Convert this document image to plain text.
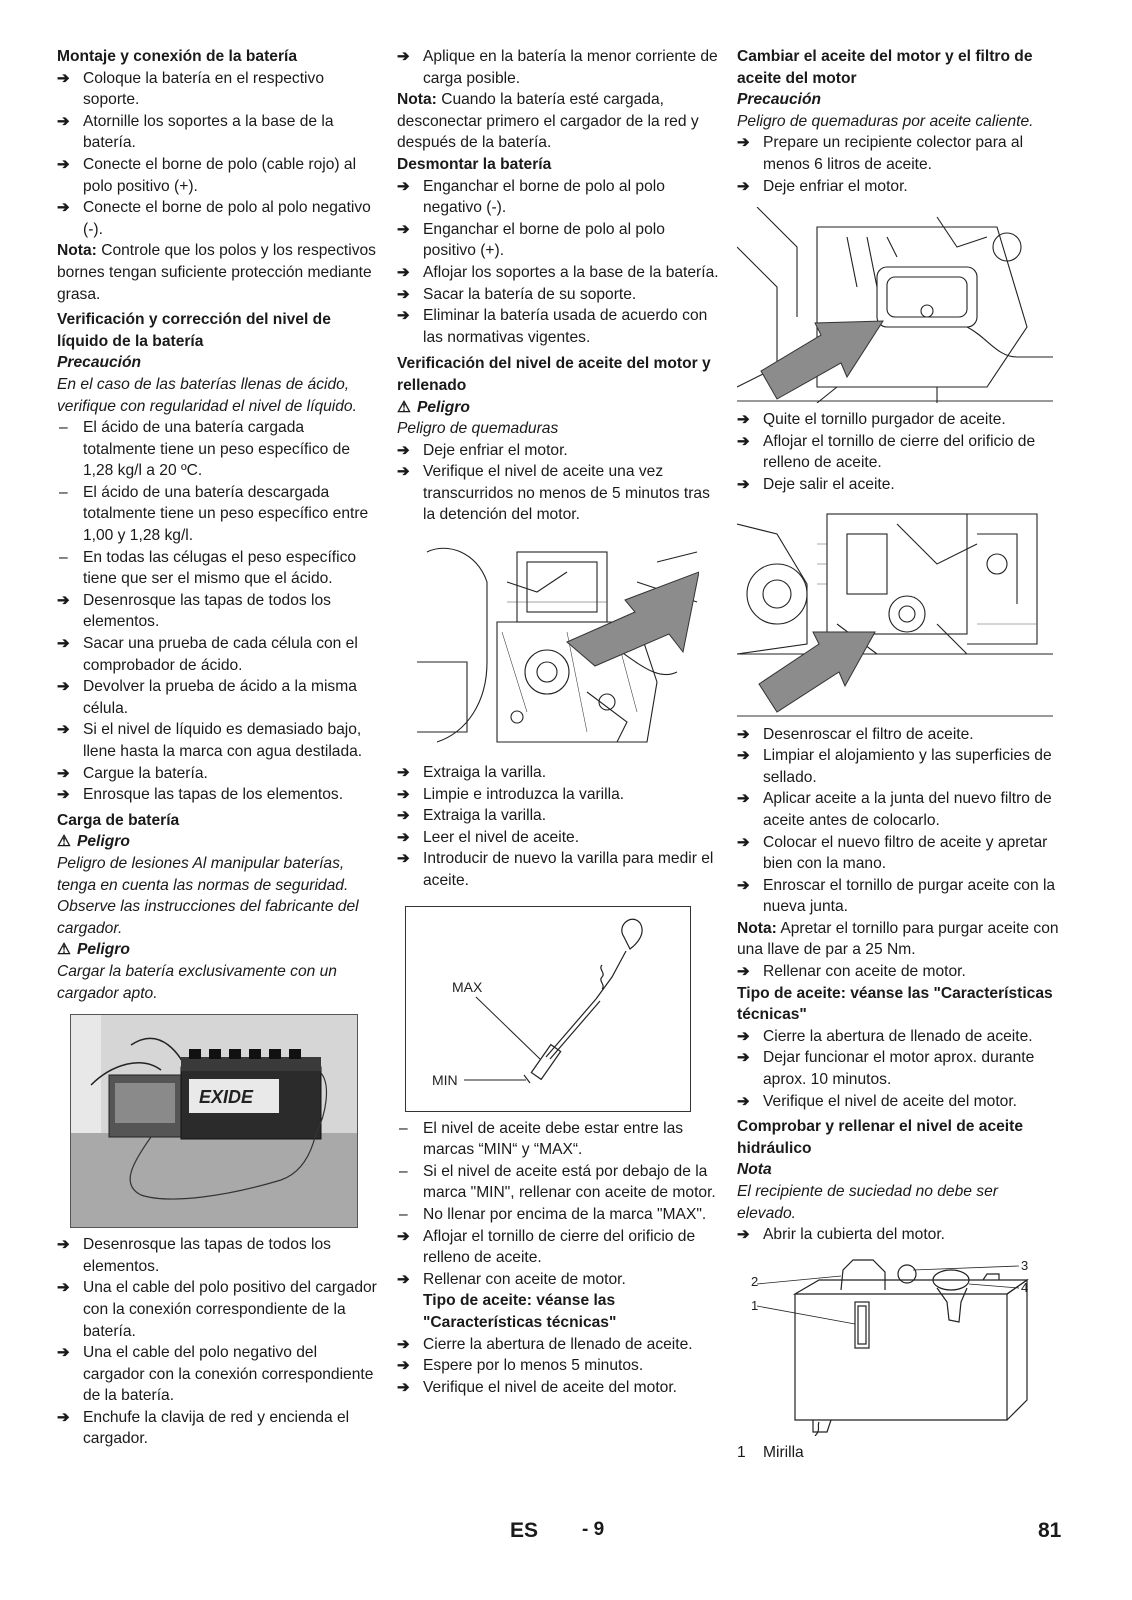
Montaje y conexión de la batería
➔ Coloque la batería en el respectivo soporte.
➔ Atornille los soportes a la base de la batería.
➔ Conecte el borne de polo (cable rojo) al polo positivo (+).
➔ Conecte el borne de polo al polo negativo (-).
Nota: Controle que los polos y los respectivos bornes tengan suficiente protección mediante grasa.
Verificación y corrección del nivel de líquido de la batería
Precaución
En el caso de las baterías llenas de ácido, verifique con regularidad el nivel de líquido.
– El ácido de una batería cargada totalmente tiene un peso específico de 1,28 kg/l a 20 ºC.
– El ácido de una batería descargada totalmente tiene un peso específico entre 1,00 y 1,28 kg/l.
– En todas las célugas el peso específico tiene que ser el mismo que el ácido.
➔ Desenrosque las tapas de todos los elementos.
➔ Sacar una prueba de cada célula con el comprobador de ácido.
➔ Devolver la prueba de ácido a la misma célula.
➔ Si el nivel de líquido es demasiado bajo, llene hasta la marca con agua destilada.
➔ Cargue la batería.
➔ Enrosque las tapas de los elementos.
Carga de batería
⚠ Peligro
Peligro de lesiones Al manipular baterías, tenga en cuenta las normas de seguridad. Observe las instrucciones del fabricante del cargador.
⚠ Peligro
Cargar la batería exclusivamente con un cargador apto.
EXIDE
➔ Desenrosque las tapas de todos los elementos.
➔ Una el cable del polo positivo del cargador con la conexión correspondiente de la batería.
➔ Una el cable del polo negativo del cargador con la conexión correspondiente de la batería.
➔ Enchufe la clavija de red y encienda el cargador.
➔ Aplique en la batería la menor corriente de carga posible.
Nota: Cuando la batería esté cargada, desconectar primero el cargador de la red y después de la batería.
Desmontar la batería
➔ Enganchar el borne de polo al polo negativo (-).
➔ Enganchar el borne de polo al polo positivo (+).
➔ Aflojar los soportes a la base de la batería.
➔ Sacar la batería de su soporte.
➔ Eliminar la batería usada de acuerdo con las normativas vigentes.
Verificación del nivel de aceite del motor y rellenado
⚠ Peligro
Peligro de quemaduras
➔ Deje enfriar el motor.
➔ Verifique el nivel de aceite una vez transcurridos no menos de 5 minutos tras la detención del motor.
➔ Extraiga la varilla.
➔ Limpie e introduzca la varilla.
➔ Extraiga la varilla.
➔ Leer el nivel de aceite.
➔ Introducir de nuevo la varilla para medir el aceite.
MAX
MIN
– El nivel de aceite debe estar entre las marcas “MIN“ y “MAX“.
– Si el nivel de aceite está por debajo de la marca "MIN", rellenar con aceite de motor.
– No llenar por encima de la marca "MAX".
➔ Aflojar el tornillo de cierre del orificio de relleno de aceite.
➔ Rellenar con aceite de motor.
Tipo de aceite: véanse las "Características técnicas"
➔ Cierre la abertura de llenado de aceite.
➔ Espere por lo menos 5 minutos.
➔ Verifique el nivel de aceite del motor.
Cambiar el aceite del motor y el filtro de aceite del motor
Precaución
Peligro de quemaduras por aceite caliente.
➔ Prepare un recipiente colector para al menos 6 litros de aceite.
➔ Deje enfriar el motor.
➔ Quite el tornillo purgador de aceite.
➔ Aflojar el tornillo de cierre del orificio de relleno de aceite.
➔ Deje salir el aceite.
➔ Desenroscar el filtro de aceite.
➔ Limpiar el alojamiento y las superficies de sellado.
➔ Aplicar aceite a la junta del nuevo filtro de aceite antes de colocarlo.
➔ Colocar el nuevo filtro de aceite y apretar bien con la mano.
➔ Enroscar el tornillo de purgar aceite con la nueva junta.
Nota: Apretar el tornillo para purgar aceite con una llave de par a 25 Nm.
➔ Rellenar con aceite de motor.
Tipo de aceite: véanse las "Características técnicas"
➔ Cierre la abertura de llenado de aceite.
➔ Dejar funcionar el motor aprox. durante aprox. 10 minutos.
➔ Verifique el nivel de aceite del motor.
Comprobar y rellenar el nivel de aceite hidráulico
Nota
El recipiente de suciedad no debe ser elevado.
➔ Abrir la cubierta del motor.
2
1
3
4
1 Mirilla
ES - 9	81
